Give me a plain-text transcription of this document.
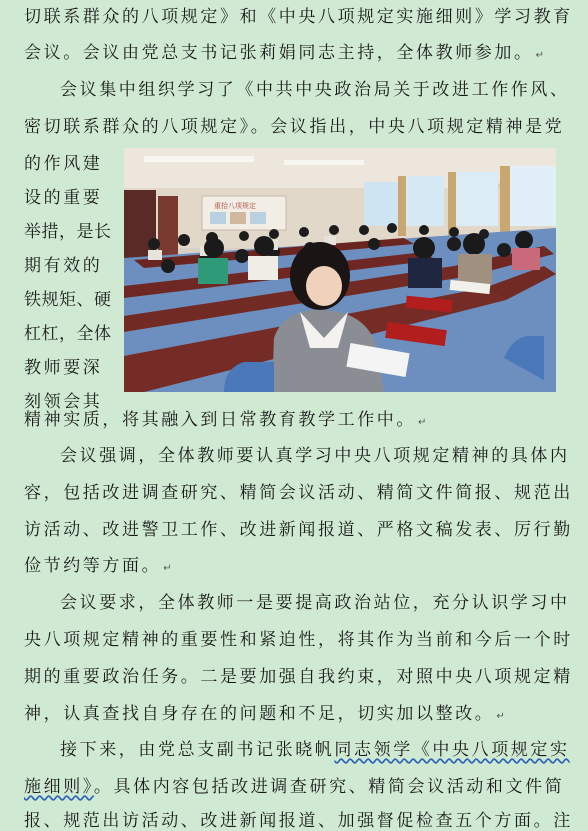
切联系群众的八项规定》和《中央八项规定实施细则》学习教育
会议。会议由党总支书记张莉娟同志主持，全体教师参加。 ↵
会议集中组织学习了《中共中央政治局关于改进工作作风、
密切联系群众的八项规定》。会议指出，中央八项规定精神是党
的作风建
设的重要
举措，是长
期有效的
铁规矩、硬
杠杠，全体
教师要深
刻领会其
精神实质，将其融入到日常教育教学工作中。 ↵
会议强调，全体教师要认真学习中央八项规定精神的具体内
容，包括改进调查研究、精简会议活动、精简文件简报、规范出
访活动、改进警卫工作、改进新闻报道、严格文稿发表、厉行勤
俭节约等方面。 ↵
会议要求，全体教师一是要提高政治站位，充分认识学习中
央八项规定精神的重要性和紧迫性，将其作为当前和今后一个时
期的重要政治任务。二是要加强自我约束，对照中央八项规定精
神，认真查找自身存在的问题和不足，切实加以整改。 ↵
接下来，由党总支副书记张晓帆同志领学《中央八项规定实
施细则》。具体内容包括改进调查研究、精简会议活动和文件简
报、规范出访活动、改进新闻报道、加强督促检查五个方面。注
重拾八项规定
